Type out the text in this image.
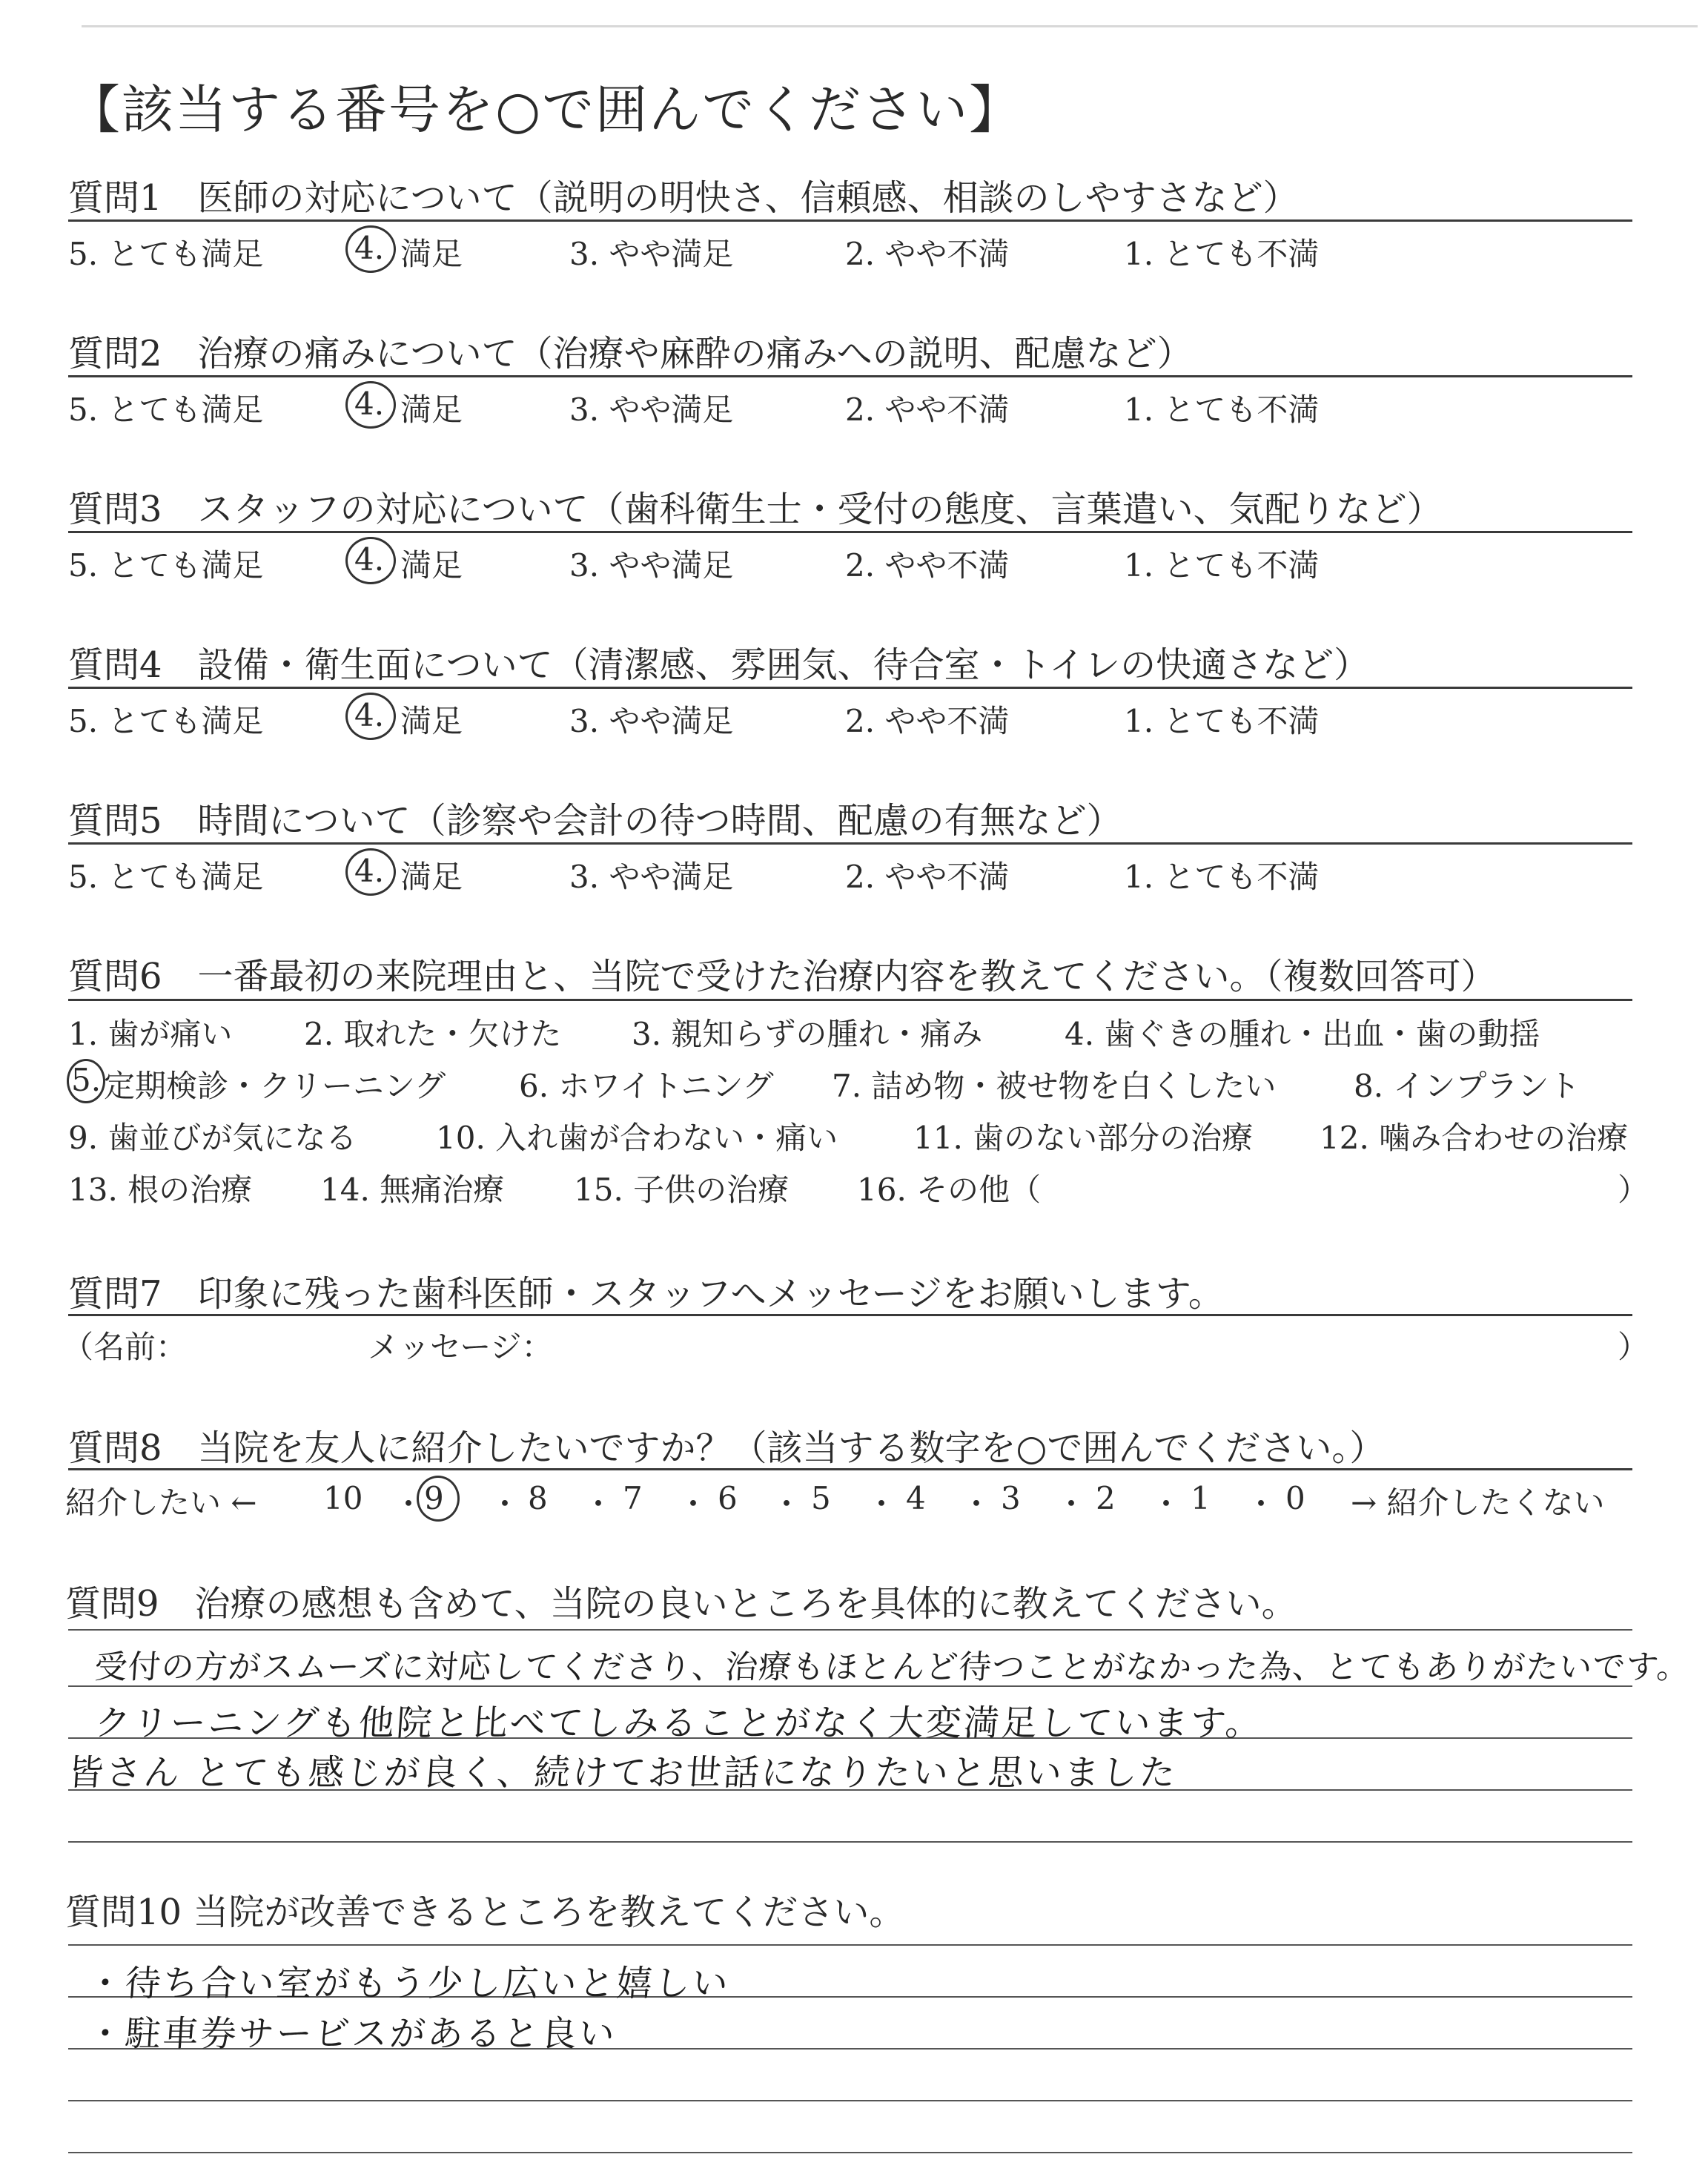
【該当する番号を○で囲んでください】
質問1　医師の対応について（説明の明快さ、信頼感、相談のしやすさなど）
5. とても満足	4. 満足	3. やや満足	2. やや不満	1. とても不満
質問2　治療の痛みについて（治療や麻酔の痛みへの説明、配慮など）
5. とても満足	4. 満足	3. やや満足	2. やや不満	1. とても不満
質問3　スタッフの対応について（歯科衛生士・受付の態度、言葉遣い、気配りなど）
5. とても満足	4. 満足	3. やや満足	2. やや不満	1. とても不満
質問4　設備・衛生面について（清潔感、雰囲気、待合室・トイレの快適さなど）
5. とても満足	4. 満足	3. やや満足	2. やや不満	1. とても不満
質問5　時間について（診察や会計の待つ時間、配慮の有無など）
5. とても満足	4. 満足	3. やや満足	2. やや不満	1. とても不満
質問6　一番最初の来院理由と、当院で受けた治療内容を教えてください。（複数回答可）
1. 歯が痛い 2. 取れた・欠けた 3. 親知らずの腫れ・痛み	4. 歯ぐきの腫れ・出血・歯の動揺
5. 定期検診・クリーニング 6. ホワイトニング 7. 詰め物・被せ物を白くしたい 8. インプラント
9. 歯並びが気になる	10. 入れ歯が合わない・痛い 11. 歯のない部分の治療 12. 噛み合わせの治療
13. 根の治療 14. 無痛治療 15. 子供の治療 16. その他（	）
質問7　印象に残った歯科医師・スタッフへメッセージをお願いします。
（名前：	メッセージ：	）
質問8　当院を友人に紹介したいですか？（該当する数字を○で囲んでください。）
紹介したい ← 10 ・ 9 ・ 8 ・ 7 ・ 6 ・ 5 ・ 4 ・ 3 ・ 2 ・ 1 ・ 0 → 紹介したくない
質問9　治療の感想も含めて、当院の良いところを具体的に教えてください。
受付の方がスムーズに対応してくださり、治療もほとんど待つことがなかった為、とてもありがたいです。
クリーニングも他院と比べてしみることがなく大変満足しています。
皆さん とても感じが良く、続けてお世話になりたいと思いました
質問10 当院が改善できるところを教えてください。
・待ち合い室がもう少し広いと嬉しい
・駐車券サービスがあると良い
